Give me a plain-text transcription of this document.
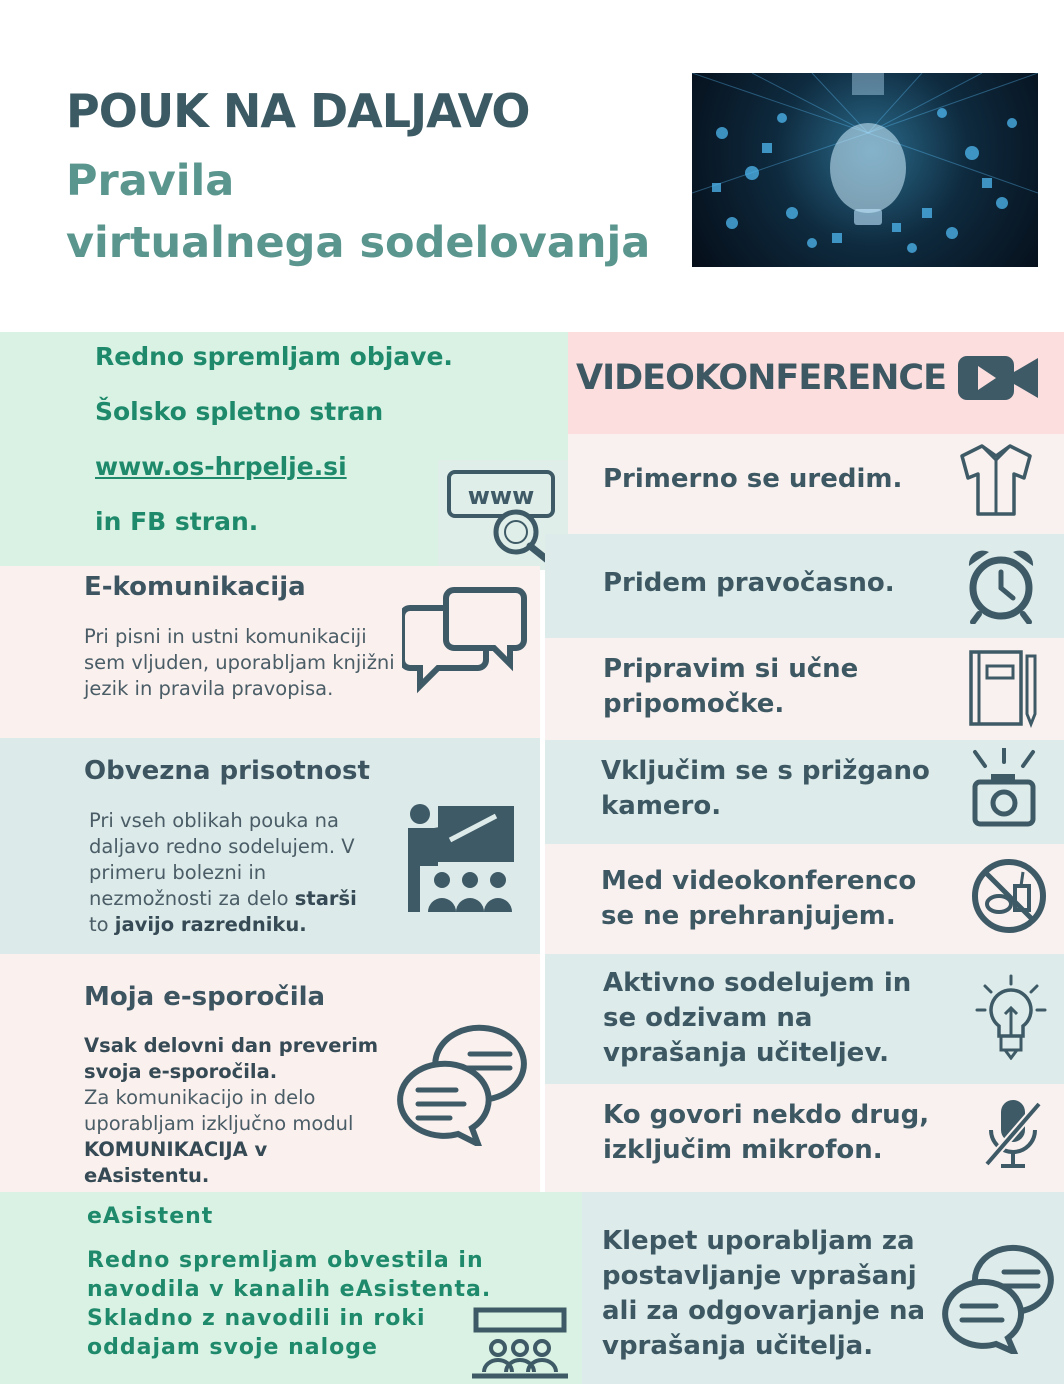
POUK NA DALJAVO
Pravila
virtualnega sodelovanja
Redno spremljam objave.
Šolsko spletno stran
www.os-hrpelje.si
in FB stran.
www
E-komunikacija
Pri pisni in ustni komunikaciji sem vljuden, uporabljam knjižni jezik in pravila pravopisa.
Obvezna prisotnost
Pri vseh oblikah pouka na daljavo redno sodelujem. V primeru bolezni in nezmožnosti za delo starši to javijo razredniku.
Moja e-sporočila
Vsak delovni dan preverim svoja e-sporočila.
Za komunikacijo in delo uporabljam izključno modul
KOMUNIKACIJA v eAsistentu.
eAsistent
Redno spremljam obvestila in navodila v kanalih eAsistenta. Skladno z navodili in roki oddajam svoje naloge
VIDEOKONFERENCE
Primerno se uredim.
Pridem pravočasno.
Pripravim si učne pripomočke.
Vključim se s prižgano kamero.
Med videokonferenco se ne prehranjujem.
Aktivno sodelujem in se odzivam na vprašanja učiteljev.
Ko govori nekdo drug, izključim mikrofon.
Klepet uporabljam za postavljanje vprašanj ali za odgovarjanje na vprašanja učitelja.
